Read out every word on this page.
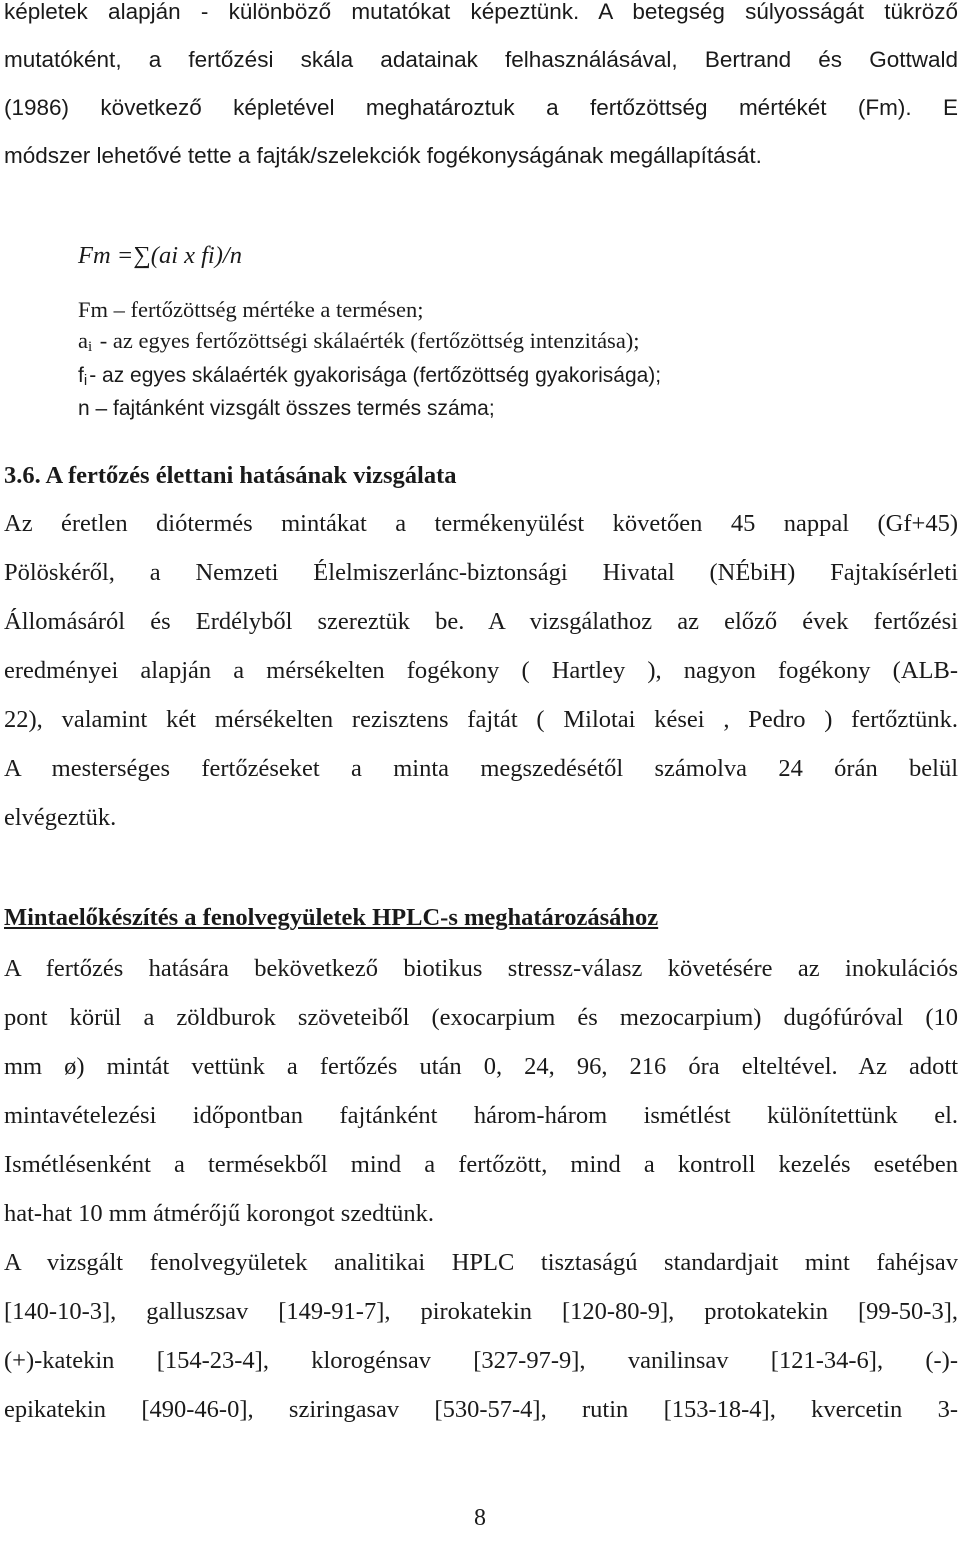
képletek alapján - különböző mutatókat képeztünk. A betegség súlyosságát tükröző
mutatóként, a fertőzési skála adatainak felhasználásával, Bertrand és Gottwald
(1986) következő képletével meghatároztuk a fertőzöttség mértékét (Fm). E
módszer lehetővé tette a fajták/szelekciók fogékonyságának megállapítását.
Fm =∑(ai x fi)/n
Fm – fertőzöttség mértéke a termésen;
ai - az egyes fertőzöttségi skálaérték (fertőzöttség intenzitása);
fi- az egyes skálaérték gyakorisága (fertőzöttség gyakorisága);
n – fajtánként vizsgált összes termés száma;
3.6. A fertőzés élettani hatásának vizsgálata
Az éretlen diótermés mintákat a termékenyülést követően 45 nappal (Gf+45)
Pölöskéről, a Nemzeti Élelmiszerlánc-biztonsági Hivatal (NÉbiH) Fajtakísérleti
Állomásáról és Erdélyből szereztük be. A vizsgálathoz az előző évek fertőzési
eredményei alapján a mérsékelten fogékony ( Hartley ), nagyon fogékony (ALB-
22), valamint két mérsékelten rezisztens fajtát ( Milotai kései , Pedro ) fertőztünk.
A mesterséges fertőzéseket a minta megszedésétől számolva 24 órán belül
elvégeztük.
Mintaelőkészítés a fenolvegyületek HPLC-s meghatározásához
A fertőzés hatására bekövetkező biotikus stressz-válasz követésére az inokulációs
pont körül a zöldburok szöveteiből (exocarpium és mezocarpium) dugófúróval (10
mm ø) mintát vettünk a fertőzés után 0, 24, 96, 216 óra elteltével. Az adott
mintavételezési időpontban fajtánként három-három ismétlést különítettünk el.
Ismétlésenként a termésekből mind a fertőzött, mind a kontroll kezelés esetében
hat-hat 10 mm átmérőjű korongot szedtünk.
A vizsgált fenolvegyületek analitikai HPLC tisztaságú standardjait mint fahéjsav
[140-10-3], galluszsav [149-91-7], pirokatekin [120-80-9], protokatekin [99-50-3],
(+)-katekin [154-23-4], klorogénsav [327-97-9], vanilinsav [121-34-6], (-)-
epikatekin [490-46-0], sziringasav [530-57-4], rutin [153-18-4], kvercetin 3-
8
